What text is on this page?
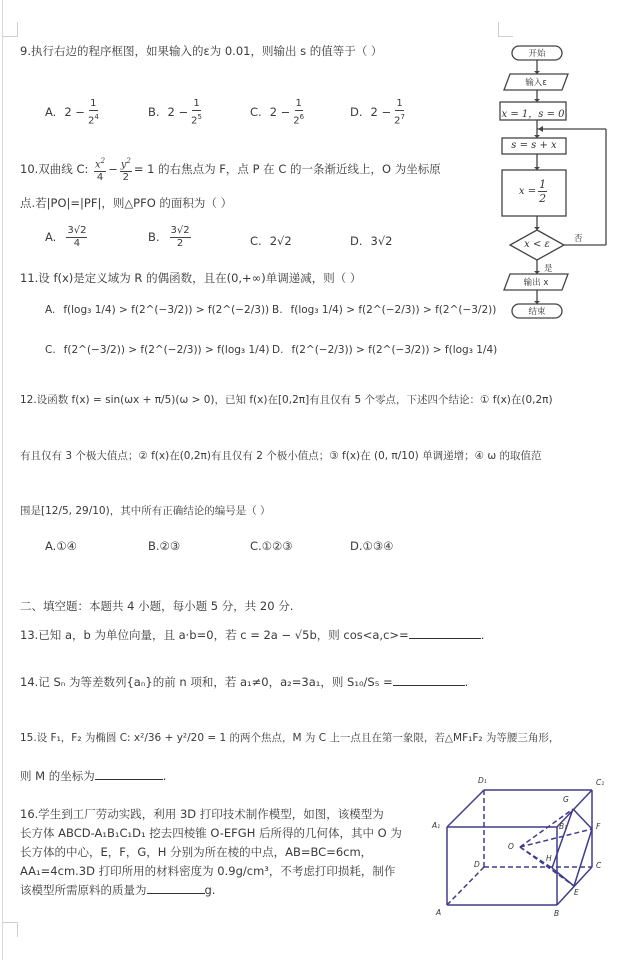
9.执行右边的程序框图，如果输入的ε为 0.01，则输出 s 的值等于（ ）
A. $2 - \frac{1}{2^4}$	B. $2 - \frac{1}{2^5}$	C. $2 - \frac{1}{2^6}$	D. $2 - \frac{1}{2^7}$
10.双曲线 C: $\frac{x^2}{4} - \frac{y^2}{2} = 1$ 的右焦点为 F，点 P 在 C 的一条渐近线上，O 为坐标原
点.若|PO|=|PF|，则△PFO 的面积为（ ）
A. $\frac{3√2}{4}$	B. $\frac{3√2}{2}$	C. 2√2	D. 3√2
11.设 f(x)是定义域为 R 的偶函数，且在(0,+∞)单调递减，则（ ）
A. f(log₃ 1/4) > f(2^(−3/2)) > f(2^(−2/3)) B. f(log₃ 1/4) > f(2^(−2/3)) > f(2^(−3/2))
C. f(2^(−3/2)) > f(2^(−2/3)) > f(log₃ 1/4) D. f(2^(−2/3)) > f(2^(−3/2)) > f(log₃ 1/4)
12.设函数 f(x) = sin(ωx + π/5)(ω > 0)，已知 f(x)在[0,2π]有且仅有 5 个零点，下述四个结论：① f(x)在(0,2π)
有且仅有 3 个极大值点；② f(x)在(0,2π)有且仅有 2 个极小值点；③ f(x)在 (0, π/10) 单调递增；④ ω 的取值范
围是[12/5, 29/10)，其中所有正确结论的编号是（ ）
A.①④	B.②③	C.①②③	D.①③④
二、填空题：本题共 4 小题，每小题 5 分，共 20 分.
13.已知 a，b 为单位向量，且 a·b=0，若 c = 2a − √5b，则 cos<a,c>=	.
14.记 Sₙ 为等差数列{aₙ}的前 n 项和，若 a₁≠0，a₂=3a₁，则 S₁₀/S₅ =	.
15.设 F₁，F₂ 为椭圆 C: x²/36 + y²/20 = 1 的两个焦点，M 为 C 上一点且在第一象限，若△MF₁F₂ 为等腰三角形，
则 M 的坐标为	.
16.学生到工厂劳动实践，利用 3D 打印技术制作模型，如图，该模型为
长方体 ABCD-A₁B₁C₁D₁ 挖去四棱锥 O-EFGH 后所得的几何体，其中 O 为
长方体的中心，E，F，G，H 分别为所在棱的中点，AB=BC=6cm，
AA₁=4cm.3D 打印所用的材料密度为 0.9g/cm³，不考虑打印损耗，制作
该模型所需原料的质量为	g.
开始
输入ε
x = 1，s = 0
s = s + x
$x = \frac{1}{2}$
x < ε	否
是
输出 x
结束
D₁	C₁
A₁	B₁
G
F
O
H
D	C
E
A	B
